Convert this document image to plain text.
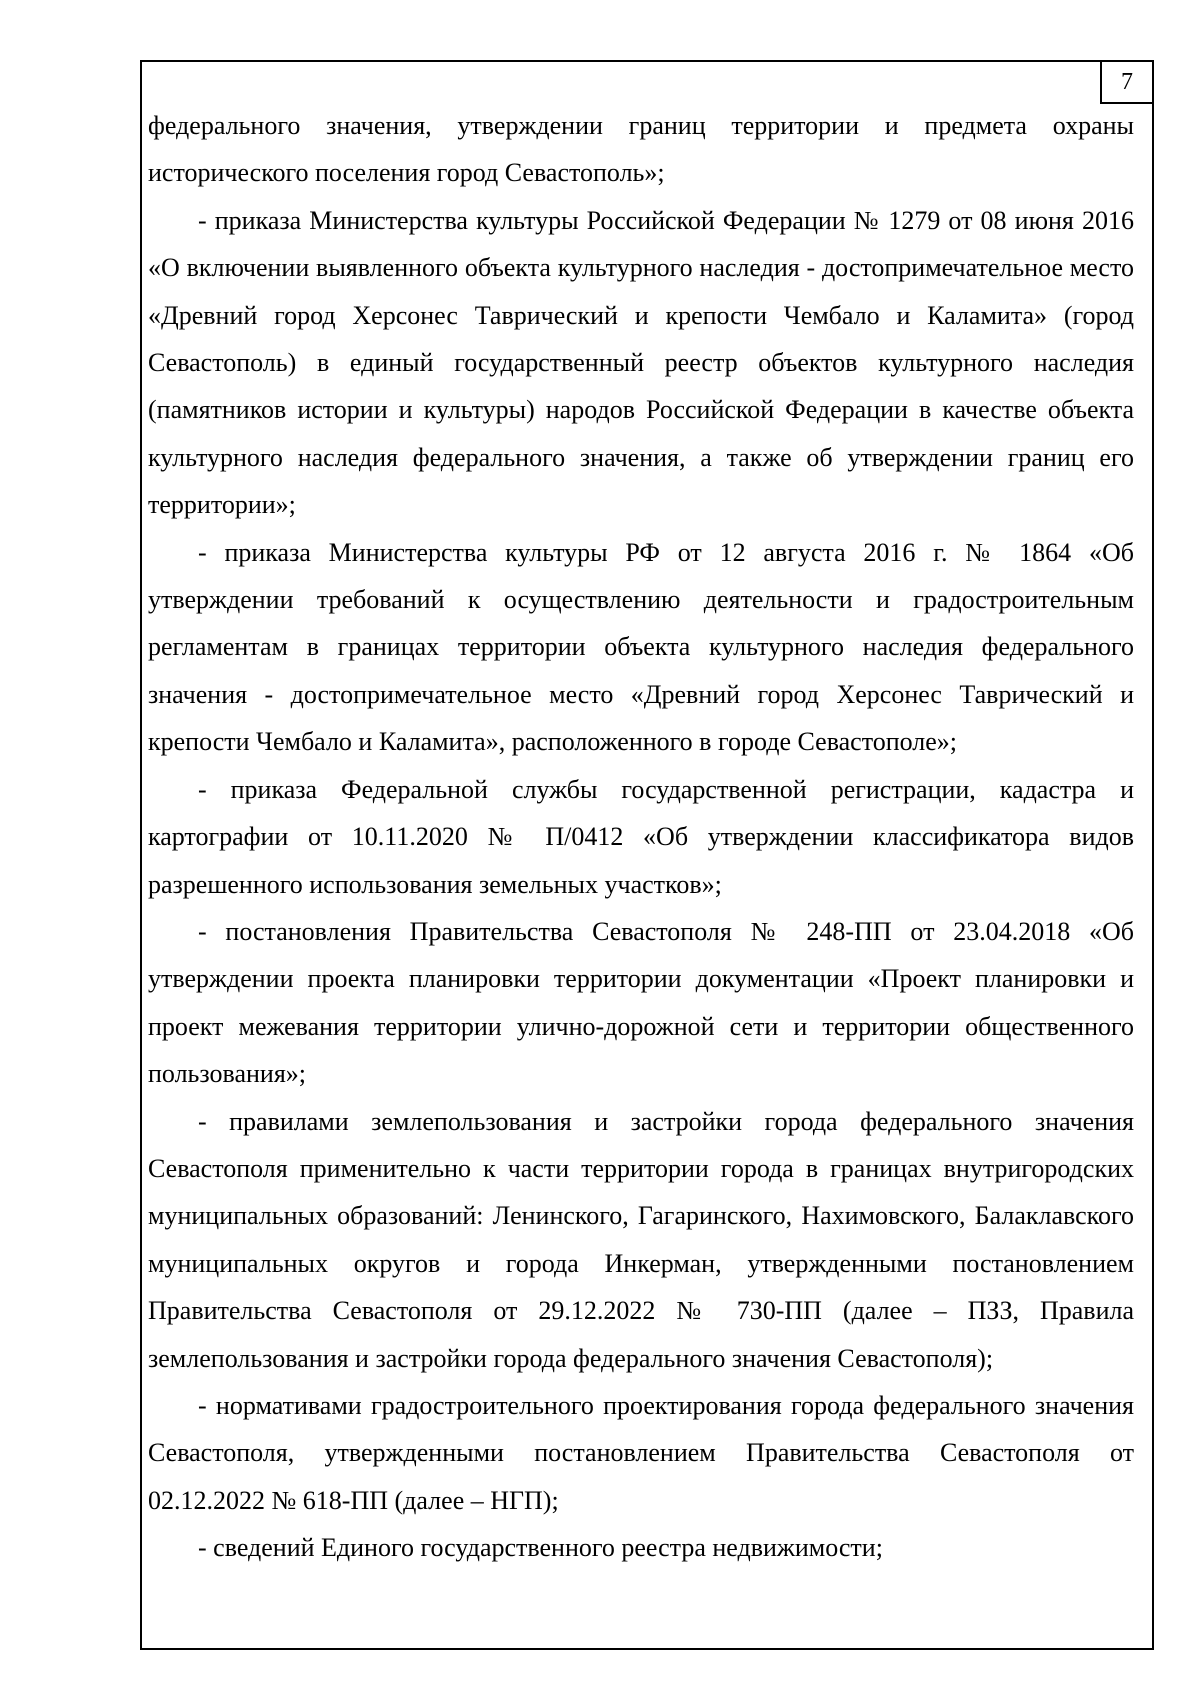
7

федерального значения, утверждении границ территории и предмета охраны исторического поселения город Севастополь»;

- приказа Министерства культуры Российской Федерации № 1279 от 08 июня 2016 «О включении выявленного объекта культурного наследия - достопримечательное место «Древний город Херсонес Таврический и крепости Чембало и Каламита» (город Севастополь) в единый государственный реестр объектов культурного наследия (памятников истории и культуры) народов Российской Федерации в качестве объекта культурного наследия федерального значения, а также об утверждении границ его территории»;

- приказа Министерства культуры РФ от 12 августа 2016 г. № 1864 «Об утверждении требований к осуществлению деятельности и градостроительным регламентам в границах территории объекта культурного наследия федерального значения - достопримечательное место «Древний город Херсонес Таврический и крепости Чембало и Каламита», расположенного в городе Севастополе»;

- приказа Федеральной службы государственной регистрации, кадастра и картографии от 10.11.2020 № П/0412 «Об утверждении классификатора видов разрешенного использования земельных участков»;

- постановления Правительства Севастополя № 248-ПП от 23.04.2018 «Об утверждении проекта планировки территории документации «Проект планировки и проект межевания территории улично-дорожной сети и территории общественного пользования»;

- правилами землепользования и застройки города федерального значения Севастополя применительно к части территории города в границах внутригородских муниципальных образований: Ленинского, Гагаринского, Нахимовского, Балаклавского муниципальных округов и города Инкерман, утвержденными постановлением Правительства Севастополя от 29.12.2022 № 730-ПП (далее – ПЗЗ, Правила землепользования и застройки города федерального значения Севастополя);

- нормативами градостроительного проектирования города федерального значения Севастополя, утвержденными постановлением Правительства Севастополя от 02.12.2022 № 618-ПП (далее – НГП);

- сведений Единого государственного реестра недвижимости;
